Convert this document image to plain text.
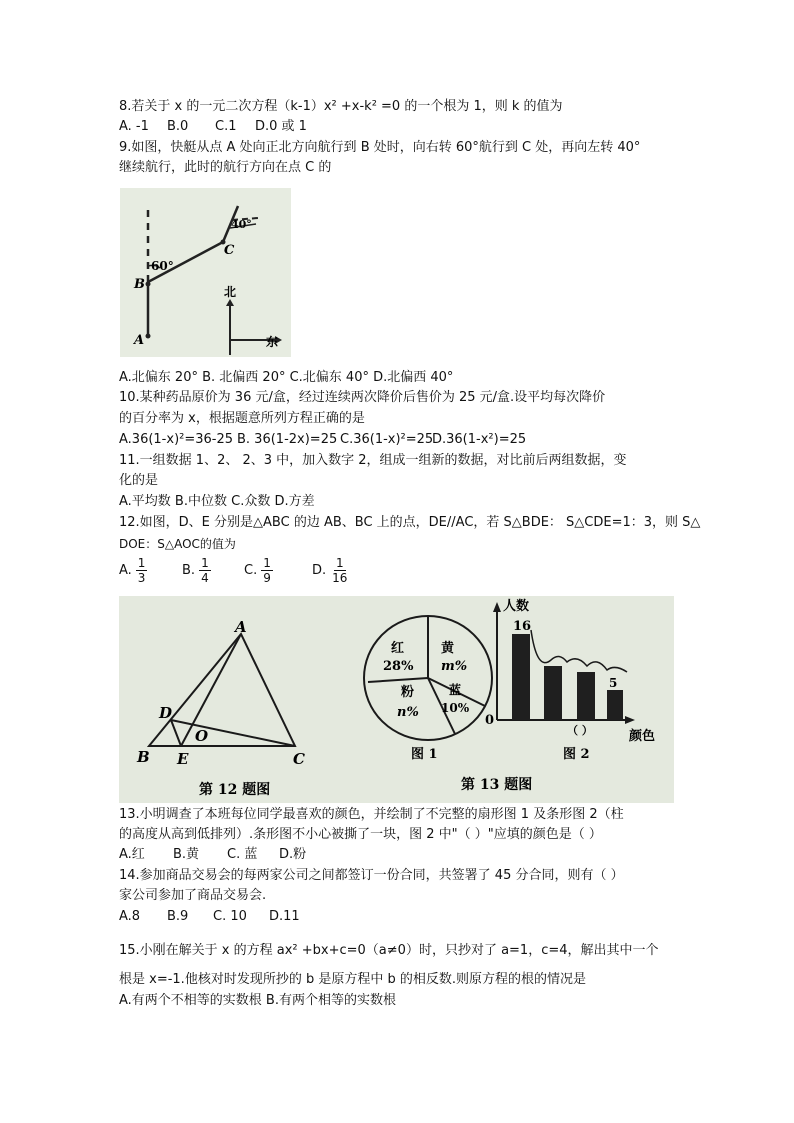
8.若关于 x 的一元二次方程（k-1）x² +x-k² =0 的一个根为 1，则 k 的值为
A. -1 B.0 C.1 D.0 或 1
9.如图，快艇从点 A 处向正北方向航行到 B 处时，向右转 60°航行到 C 处，再向左转 40°
继续航行，此时的航行方向在点 C 的
A
B
C
60°
40°
北
东
A.北偏东 20° B. 北偏西 20° C.北偏东 40° D.北偏西 40°
10.某种药品原价为 36 元/盒，经过连续两次降价后售价为 25 元/盒.设平均每次降价
的百分率为 x，根据题意所列方程正确的是
A.36(1-x)²=36-25 B. 36(1-2x)=25 C.36(1-x)²=25D.36(1-x²)=25
11.一组数据 1、2、 2、3 中，加入数字 2，组成一组新的数据，对比前后两组数据，变
化的是
A.平均数 B.中位数 C.众数 D.方差
12.如图，D、E 分别是△ABC 的边 AB、BC 上的点，DE//AC，若 S△BDE： S△CDE=1：3，则 S△
DOE：S△AOC的值为
A. $\frac{1}{3}$	B. $\frac{1}{4}$	C. $\frac{1}{9}$	D. $\frac{1}{16}$
A
B	C
D
E
O
第 12 题图
红
28%
黄
m%
粉
n%
蓝
10%
图 1
人数
16
5
0
（ ）	颜色
图 2
第 13 题图
13.小明调查了本班每位同学最喜欢的颜色，并绘制了不完整的扇形图 1 及条形图 2（柱
的高度从高到低排列）.条形图不小心被撕了一块，图 2 中"（ ）"应填的颜色是（ ）
A.红 B.黄 C. 蓝 D.粉
14.参加商品交易会的每两家公司之间都签订一份合同，共签署了 45 分合同，则有（ ）
家公司参加了商品交易会.
A.8 B.9 C. 10 D.11
15.小刚在解关于 x 的方程 ax² +bx+c=0（a≠0）时，只抄对了 a=1，c=4，解出其中一个
根是 x=-1.他核对时发现所抄的 b 是原方程中 b 的相反数.则原方程的根的情况是
A.有两个不相等的实数根 B.有两个相等的实数根
